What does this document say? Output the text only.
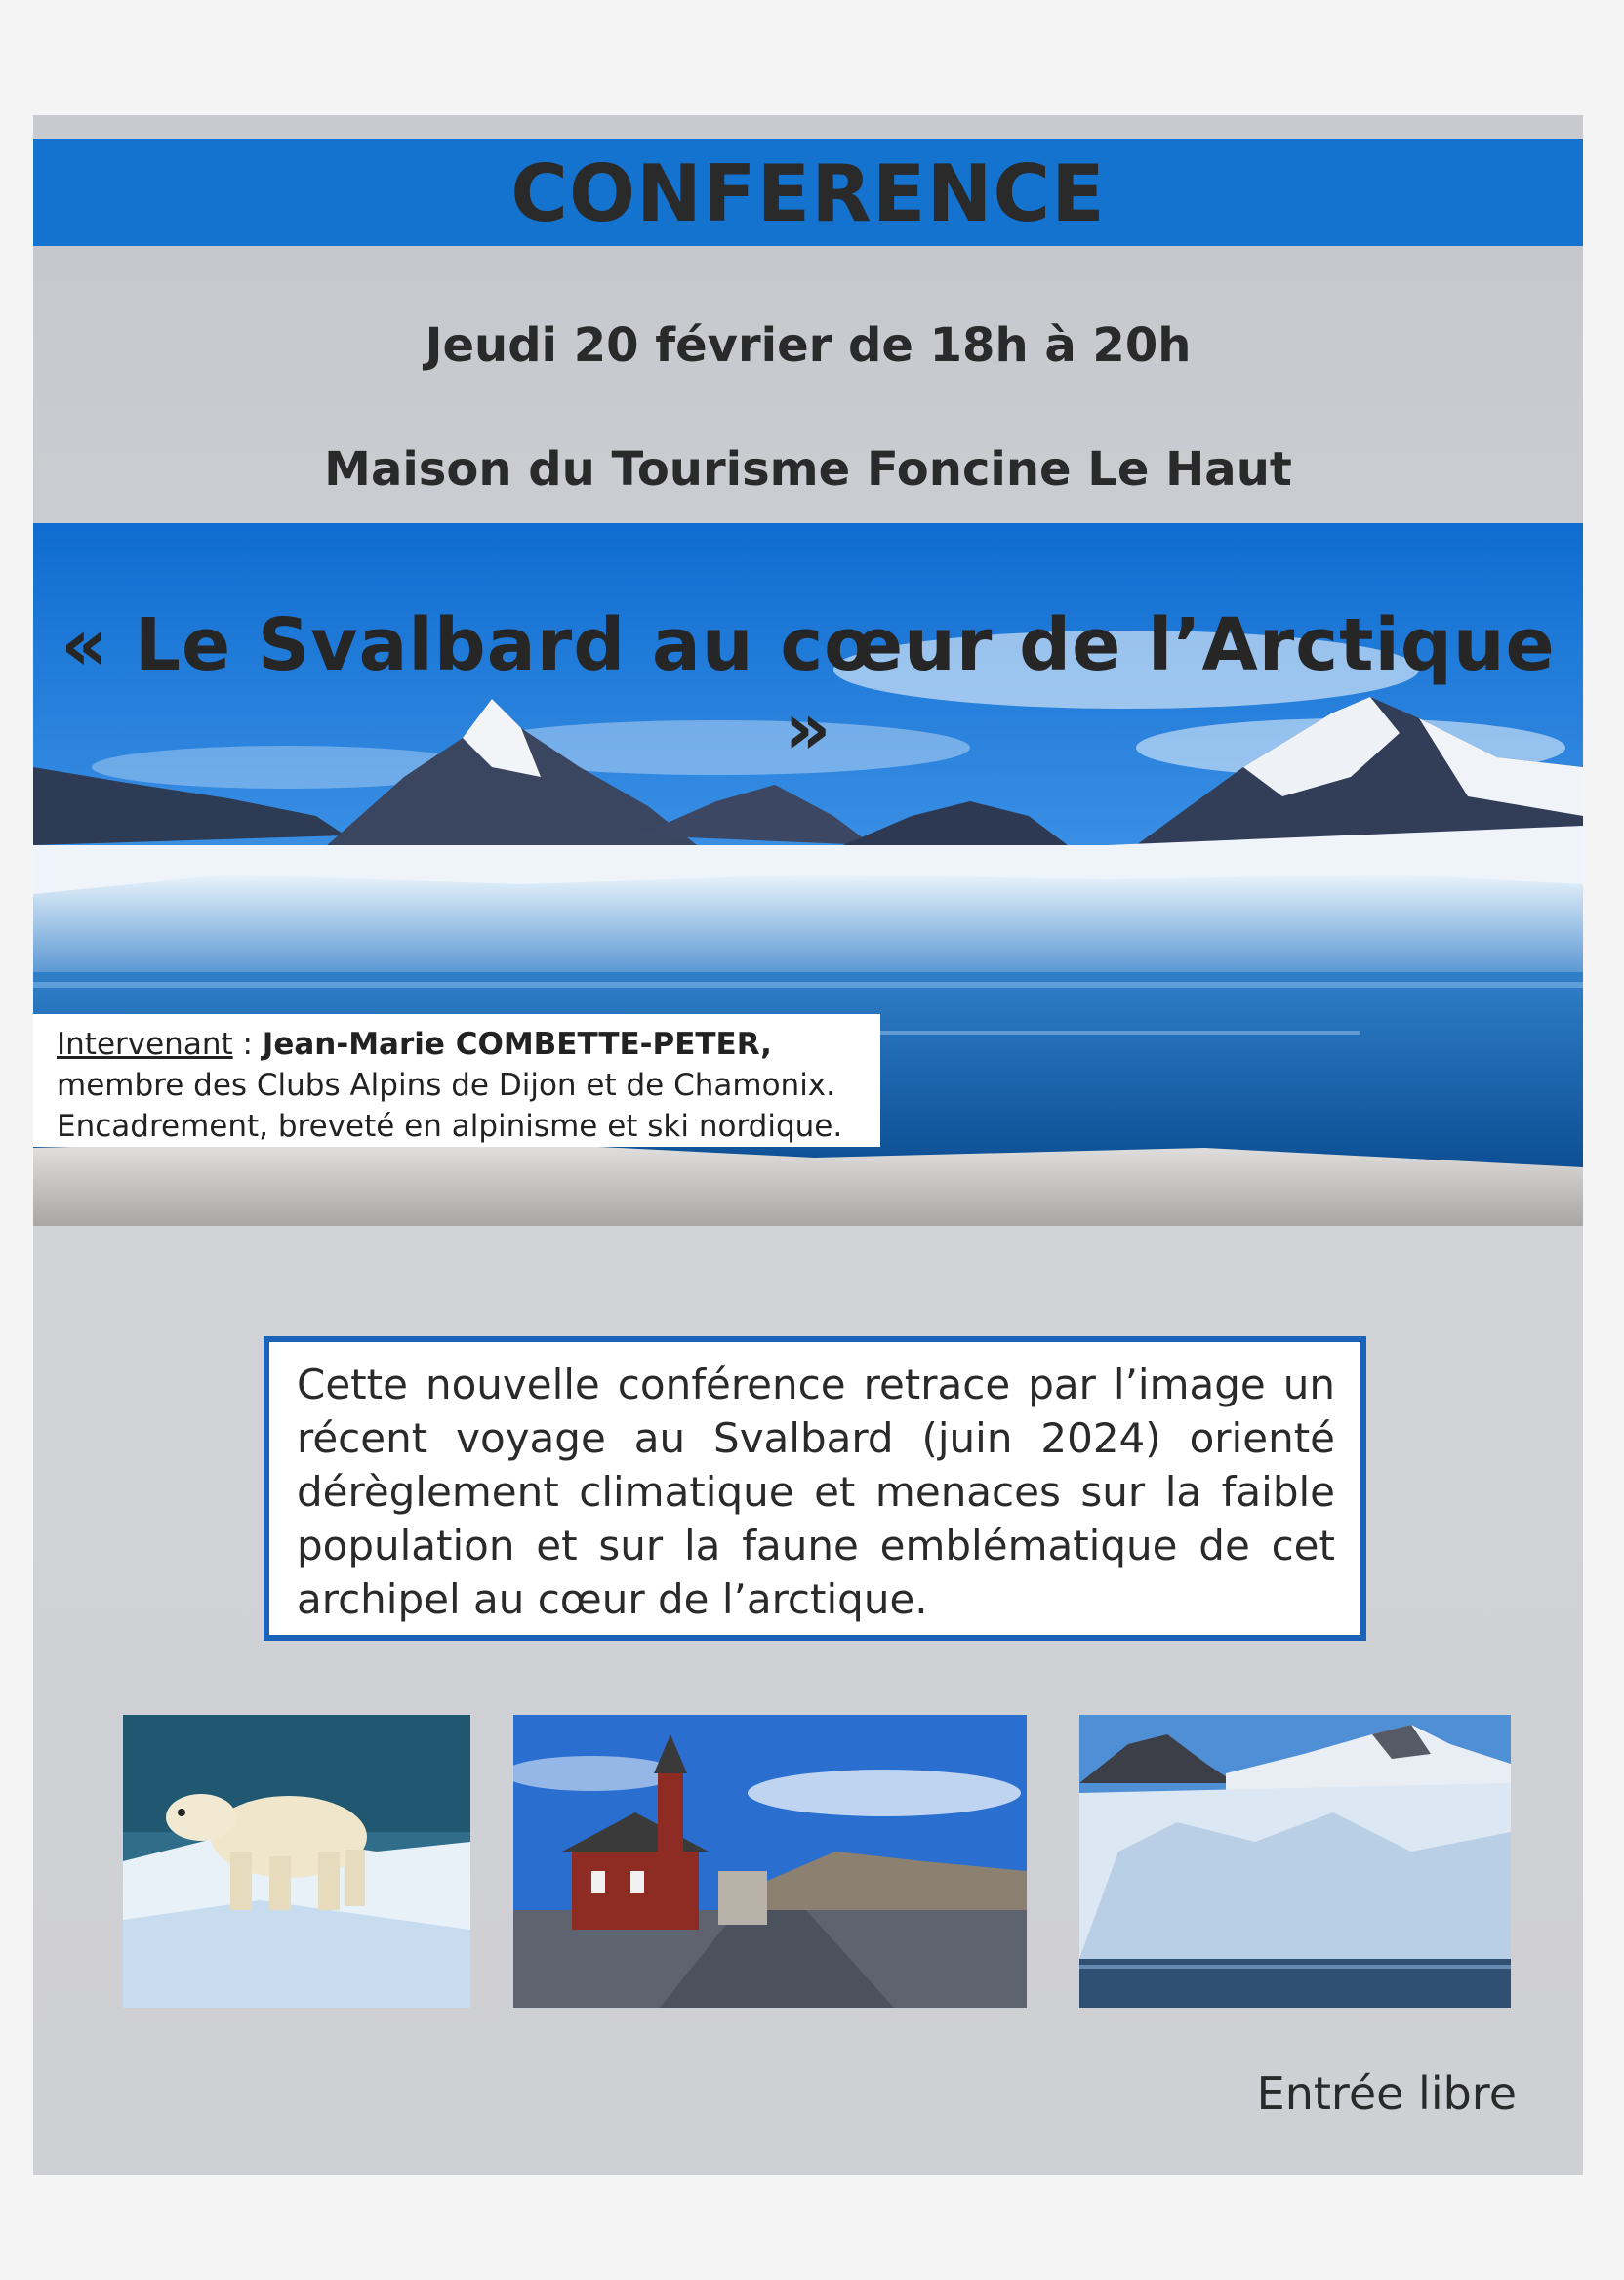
CONFERENCE
Jeudi 20 février de 18h à 20h
Maison du Tourisme Foncine Le Haut
« Le Svalbard au cœur de l’Arctique »
Intervenant : Jean-Marie COMBETTE-PETER,
membre des Clubs Alpins de Dijon et de Chamonix.
Encadrement, breveté en alpinisme et ski nordique.
Cette nouvelle conférence retrace par l’image un récent voyage au Svalbard (juin 2024) orienté dérèglement climatique et menaces sur la faible population et sur la faune emblématique de cet archipel au cœur de l’arctique.
Entrée libre
